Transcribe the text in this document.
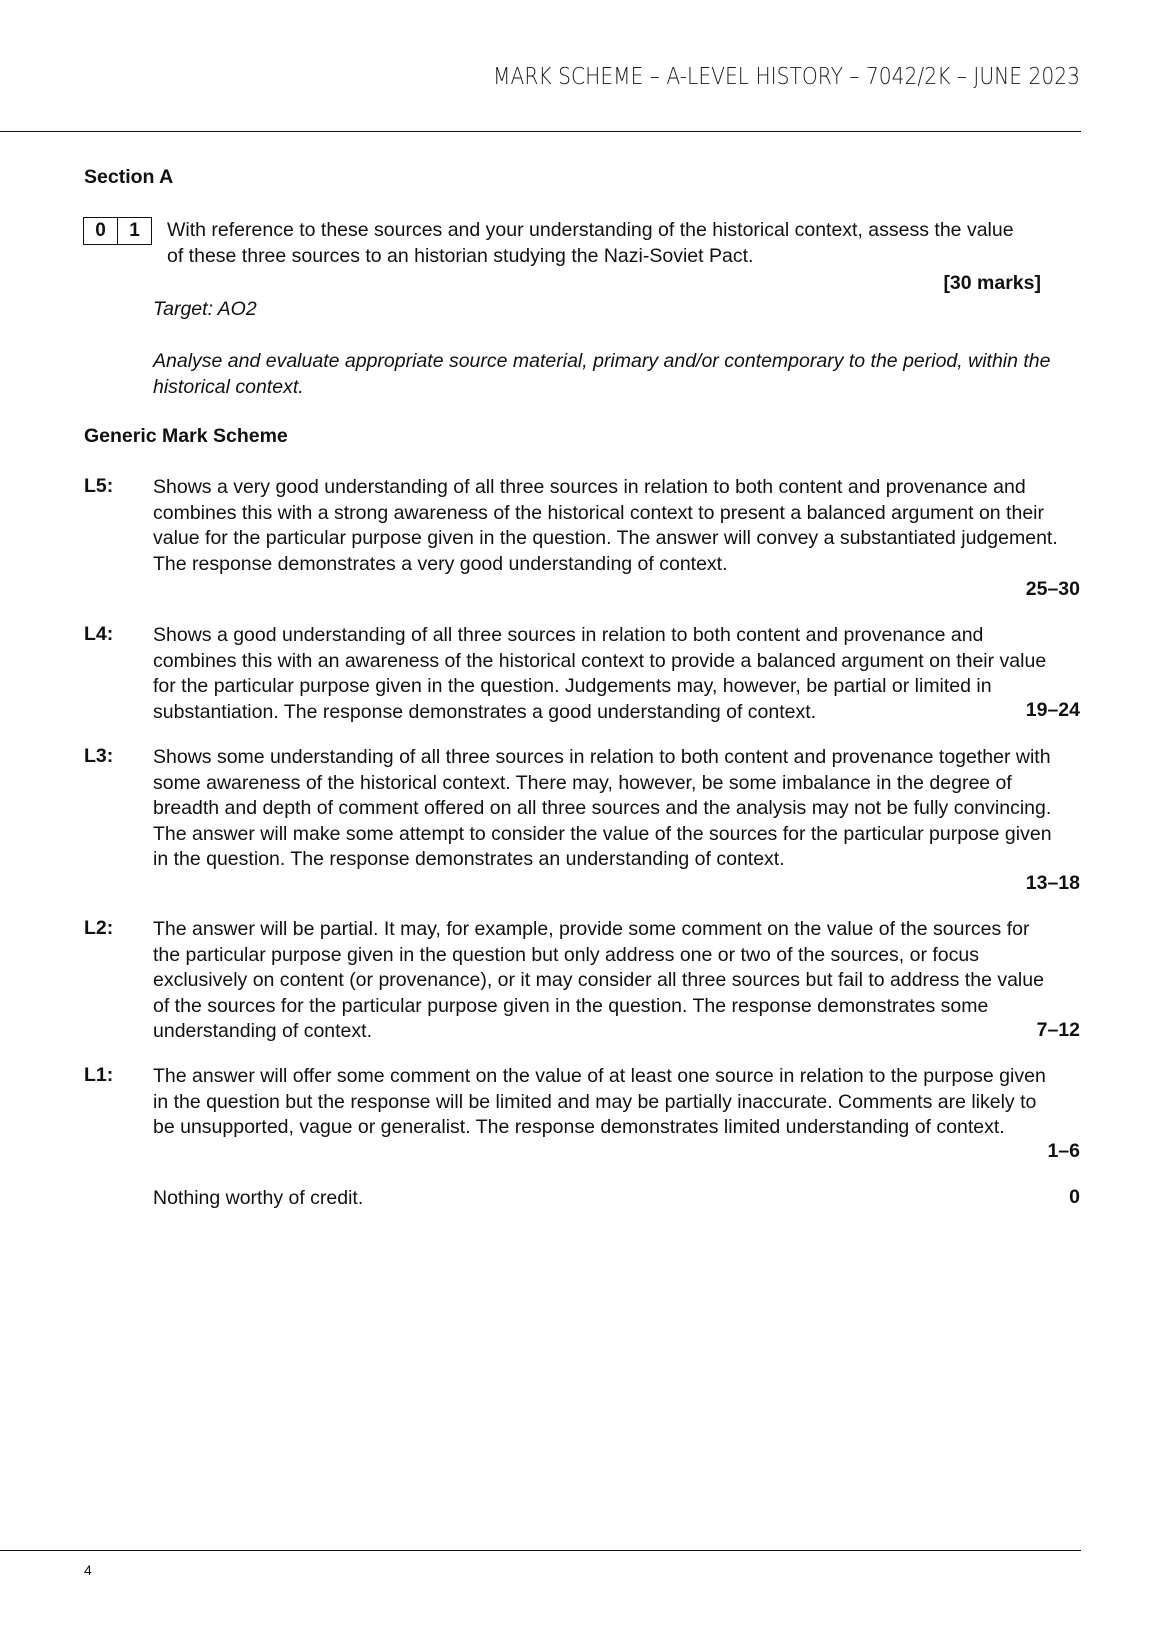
MARK SCHEME – A-LEVEL HISTORY – 7042/2K – JUNE 2023
Section A
0	1	With reference to these sources and your understanding of the historical context, assess the value of these three sources to an historian studying the Nazi-Soviet Pact.
[30 marks]
Target: AO2
Analyse and evaluate appropriate source material, primary and/or contemporary to the period, within the historical context.
Generic Mark Scheme
L5: Shows a very good understanding of all three sources in relation to both content and provenance and combines this with a strong awareness of the historical context to present a balanced argument on their value for the particular purpose given in the question. The answer will convey a substantiated judgement. The response demonstrates a very good understanding of context.
25–30
L4: Shows a good understanding of all three sources in relation to both content and provenance and combines this with an awareness of the historical context to provide a balanced argument on their value for the particular purpose given in the question. Judgements may, however, be partial or limited in substantiation. The response demonstrates a good understanding of context.	19–24
L3: Shows some understanding of all three sources in relation to both content and provenance together with some awareness of the historical context. There may, however, be some imbalance in the degree of breadth and depth of comment offered on all three sources and the analysis may not be fully convincing. The answer will make some attempt to consider the value of the sources for the particular purpose given in the question. The response demonstrates an understanding of context.
13–18
L2: The answer will be partial. It may, for example, provide some comment on the value of the sources for the particular purpose given in the question but only address one or two of the sources, or focus exclusively on content (or provenance), or it may consider all three sources but fail to address the value of the sources for the particular purpose given in the question. The response demonstrates some understanding of context.	7–12
L1: The answer will offer some comment on the value of at least one source in relation to the purpose given in the question but the response will be limited and may be partially inaccurate. Comments are likely to be unsupported, vague or generalist. The response demonstrates limited understanding of context.
1–6
Nothing worthy of credit.	0
4
